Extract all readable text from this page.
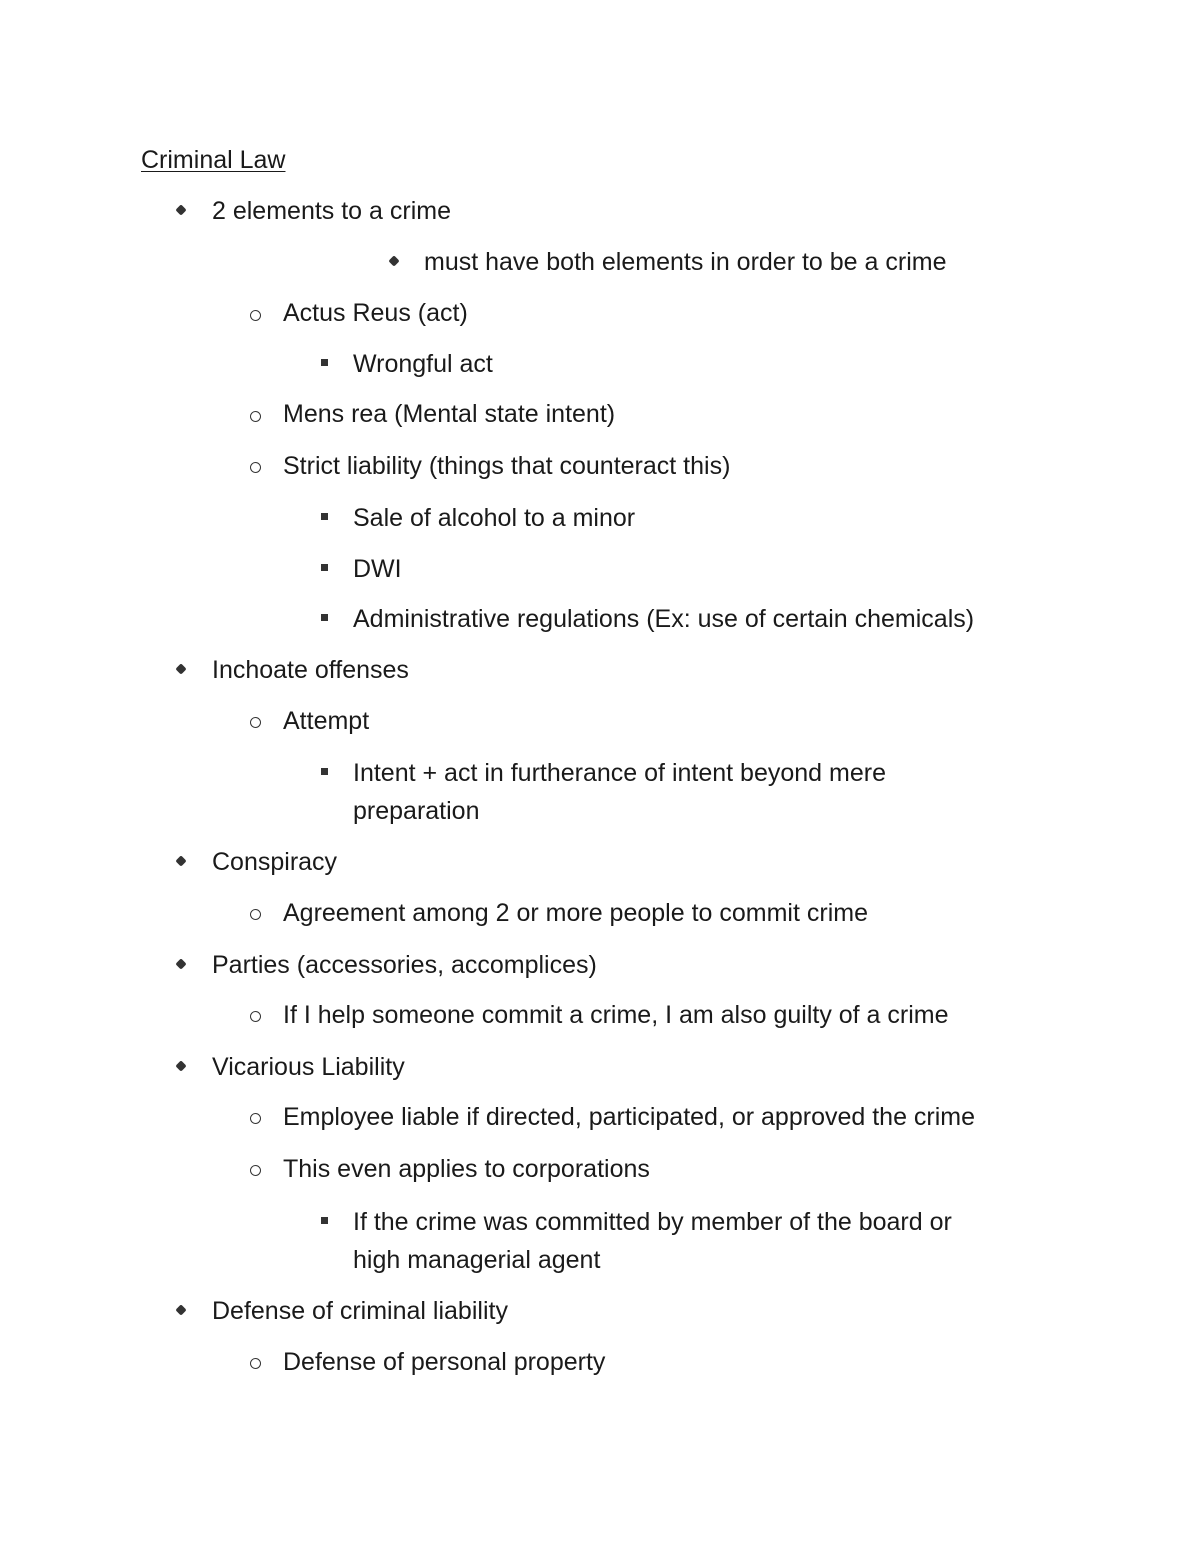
Criminal Law
2 elements to a crime
must have both elements in order to be a crime
Actus Reus (act)
Wrongful act
Mens rea (Mental state intent)
Strict liability (things that counteract this)
Sale of alcohol to a minor
DWI
Administrative regulations (Ex: use of certain chemicals)
Inchoate offenses
Attempt
Intent + act in furtherance of intent beyond mere
preparation
Conspiracy
Agreement among 2 or more people to commit crime
Parties (accessories, accomplices)
If I help someone commit a crime, I am also guilty of a crime
Vicarious Liability
Employee liable if directed, participated, or approved the crime
This even applies to corporations
If the crime was committed by member of the board or
high managerial agent
Defense of criminal liability
Defense of personal property
